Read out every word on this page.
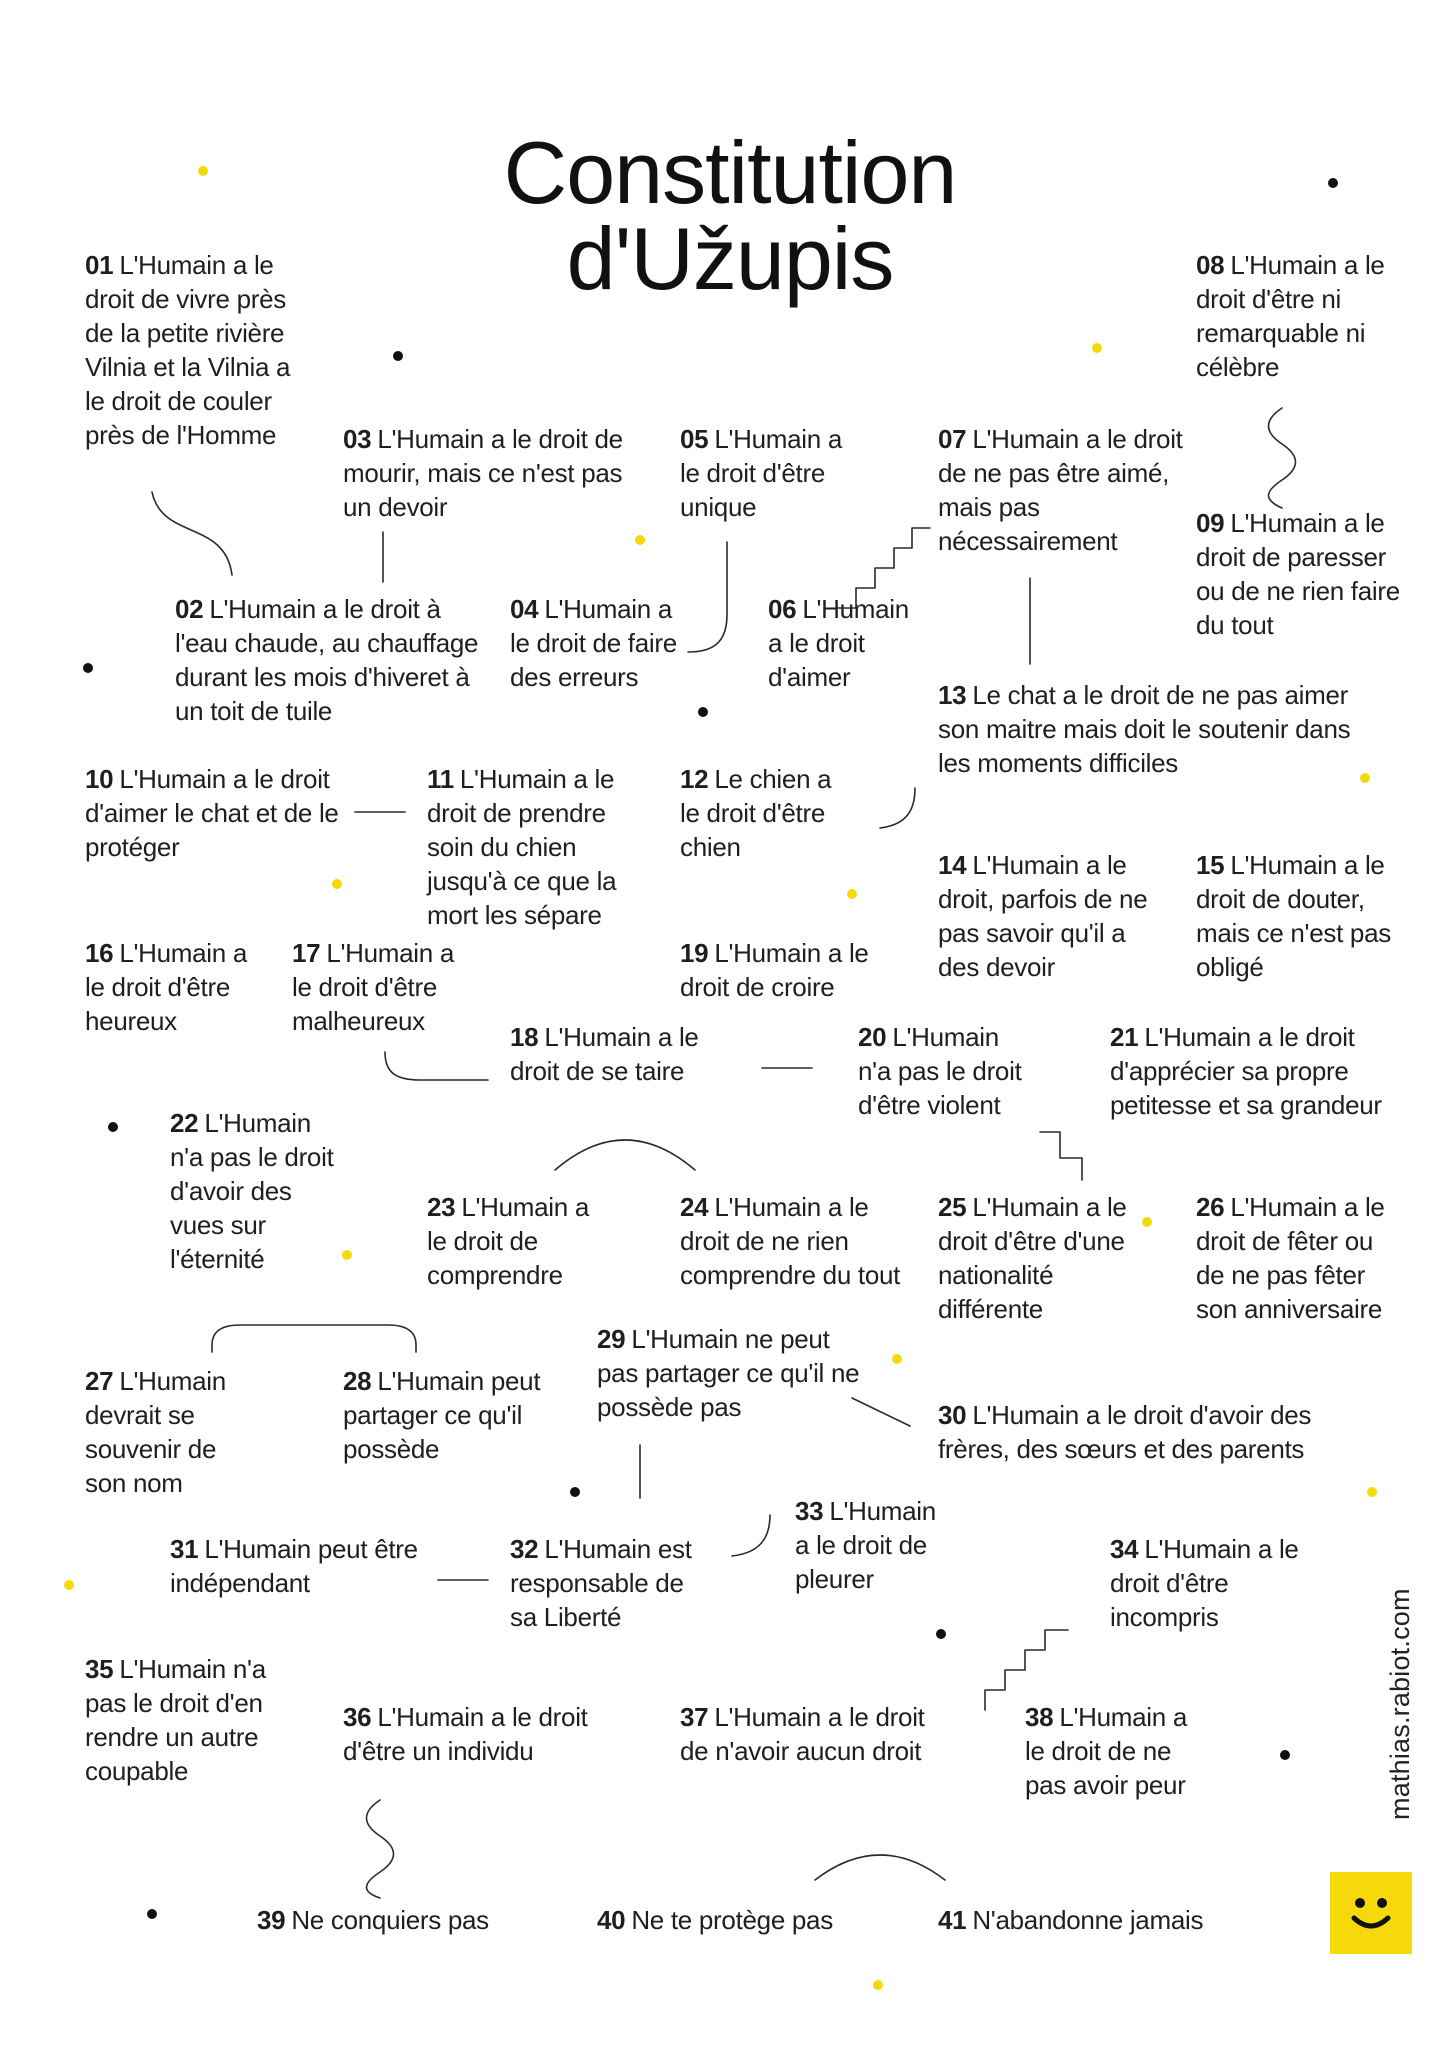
Constitution
d'Užupis
01 L'Humain a le droit de vivre près de la petite rivière Vilnia et la Vilnia a le droit de couler près de l'Homme
02 L'Humain a le droit à l'eau chaude, au chauffage durant les mois d'hiveret à un toit de tuile
03 L'Humain a le droit de mourir, mais ce n'est pas un devoir
04 L'Humain a le droit de faire des erreurs
05 L'Humain a le droit d'être unique
06 L'Humain a le droit d'aimer
07 L'Humain a le droit de ne pas être aimé, mais pas nécessairement
08 L'Humain a le droit d'être ni remarquable ni célèbre
09 L'Humain a le droit de paresser ou de ne rien faire du tout
10 L'Humain a le droit d'aimer le chat et de le protéger
11 L'Humain a le droit de prendre soin du chien jusqu'à ce que la mort les sépare
12 Le chien a le droit d'être chien
13 Le chat a le droit de ne pas aimer son maitre mais doit le soutenir dans les moments difficiles
14 L'Humain a le droit, parfois de ne pas savoir qu'il a des devoir
15 L'Humain a le droit de douter, mais ce n'est pas obligé
16 L'Humain a le droit d'être heureux
17 L'Humain a le droit d'être malheureux
18 L'Humain a le droit de se taire
19 L'Humain a le droit de croire
20 L'Humain n'a pas le droit d'être violent
21 L'Humain a le droit d'apprécier sa propre petitesse et sa grandeur
22 L'Humain n'a pas le droit d'avoir des vues sur l'éternité
23 L'Humain a le droit de comprendre
24 L'Humain a le droit de ne rien comprendre du tout
25 L'Humain a le droit d'être d'une nationalité différente
26 L'Humain a le droit de fêter ou de ne pas fêter son anniversaire
27 L'Humain devrait se souvenir de son nom
28 L'Humain peut partager ce qu'il possède
29 L'Humain ne peut pas partager ce qu'il ne possède pas	30 L'Humain a le droit d'avoir des frères, des sœurs et des parents
31 L'Humain peut être indépendant
32 L'Humain est responsable de sa Liberté
33 L'Humain a le droit de pleurer
34 L'Humain a le droit d'être incompris
35 L'Humain n'a pas le droit d'en rendre un autre coupable
36 L'Humain a le droit d'être un individu
37 L'Humain a le droit de n'avoir aucun droit
38 L'Humain a le droit de ne pas avoir peur
39 Ne conquiers pas	40 Ne te protège pas	41 N'abandonne jamais
mathias.rabiot.com
